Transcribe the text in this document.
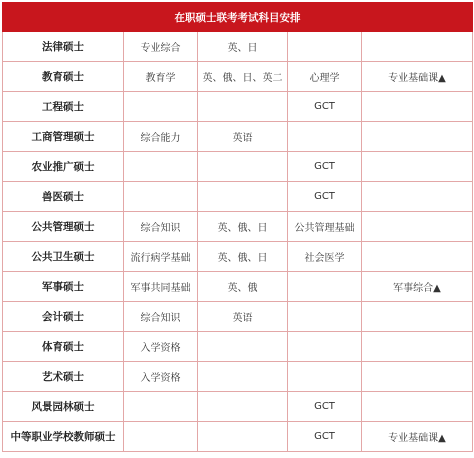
在职硕士联考考试科目安排				
法律硕士	专业综合	英、日		
教育硕士	教育学	英、俄、日、英二	心理学	专业基础课▲
工程硕士			GCT	
工商管理硕士	综合能力	英语		
农业推广硕士			GCT	
兽医硕士			GCT	
公共管理硕士	综合知识	英、俄、日	公共管理基础	
公共卫生硕士	流行病学基础	英、俄、日	社会医学	
军事硕士	军事共同基础	英、俄		军事综合▲
会计硕士	综合知识	英语		
体育硕士	入学资格			
艺术硕士	入学资格			
风景园林硕士			GCT	
中等职业学校教师硕士			GCT	专业基础课▲
